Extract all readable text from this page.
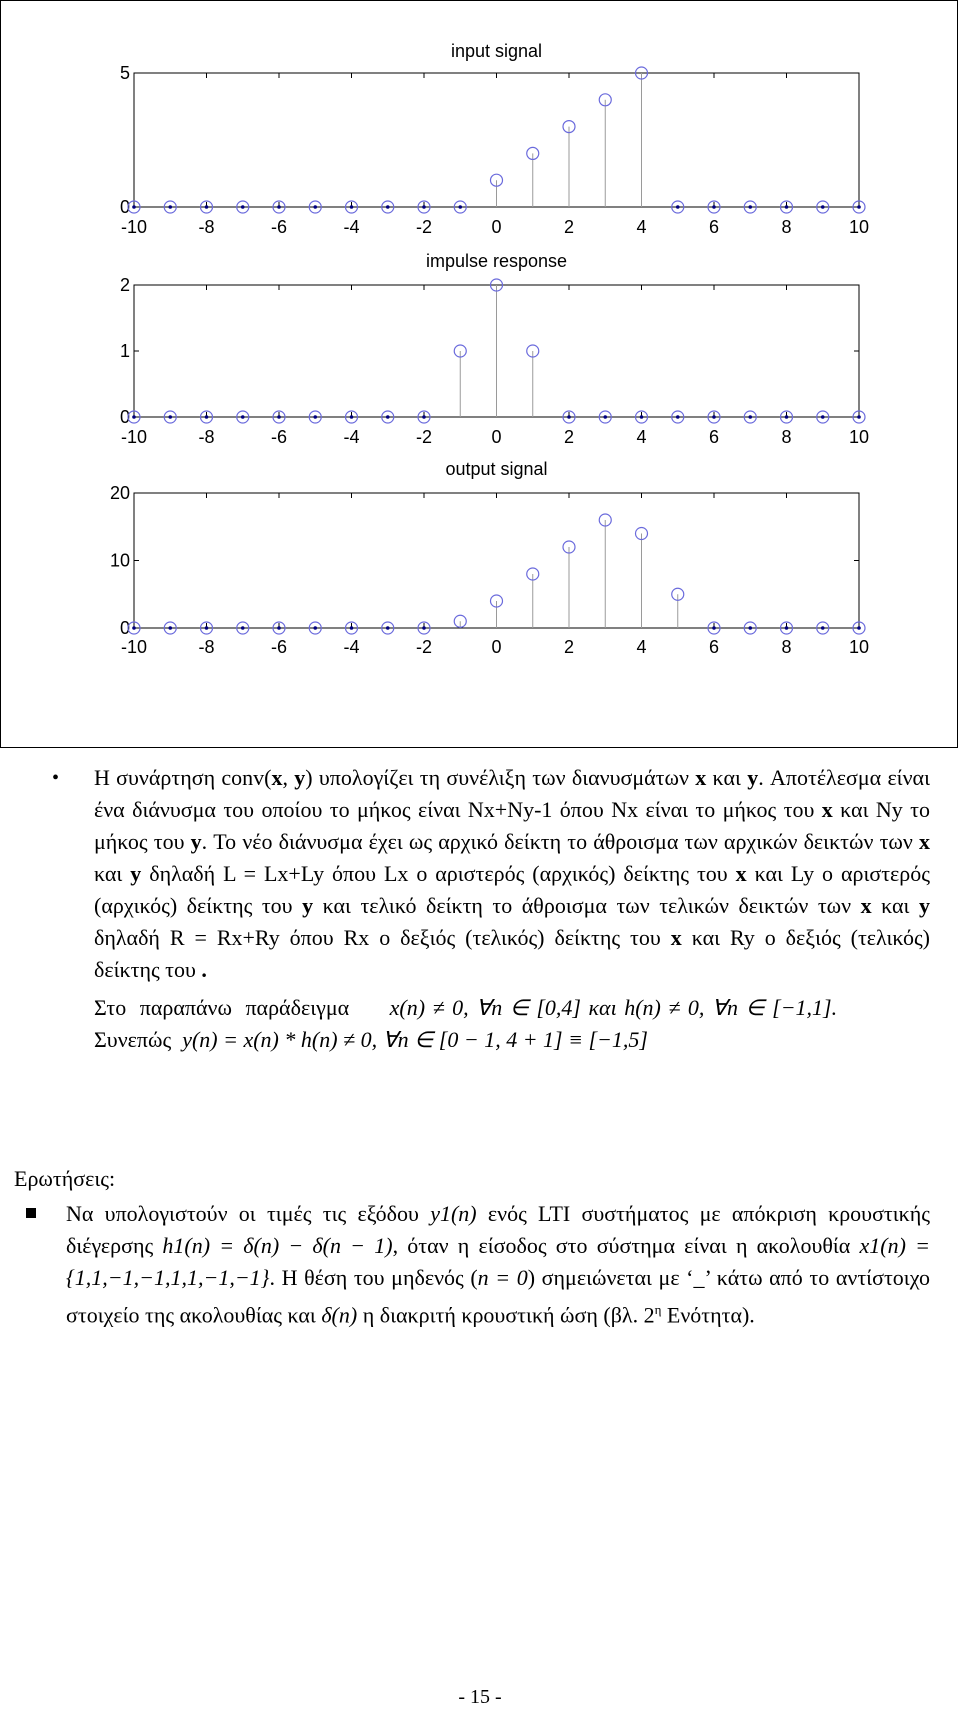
input signal
-10	-8	-6	-4	-2	0	2	4	6	8	10
0
5
impulse response
-10	-8	-6	-4	-2	0	2	4	6	8	10
0
1
2
output signal
-10	-8	-6	-4	-2	0	2	4	6	8	10
0
10
20
• Η συνάρτηση conv(x, y) υπολογίζει τη συνέλιξη των διανυσμάτων x και y. Αποτέλεσμα είναι ένα διάνυσμα του οποίου το μήκος είναι Nx+Ny-1 όπου Nx είναι το μήκος του x και Ny το μήκος του y. Το νέο διάνυσμα έχει ως αρχικό δείκτη το άθροισμα των αρχικών δεικτών των x και y δηλαδή L = Lx+Ly όπου Lx ο αριστερός (αρχικός) δείκτης του x και Ly ο αριστερός (αρχικός) δείκτης του y και τελικό δείκτη το άθροισμα των τελικών δεικτών των x και y δηλαδή R = Rx+Ry όπου Rx ο δεξιός (τελικός) δείκτης του x και Ry ο δεξιός (τελικός) δείκτης του .

Στο παραπάνω παράδειγμα x(n) ≠ 0, ∀n ∈ [0,4] και h(n) ≠ 0, ∀n ∈ [−1,1].

Συνεπώς y(n) = x(n) * h(n) ≠ 0, ∀n ∈ [0 − 1, 4 + 1] ≡ [−1,5]

Ερωτήσεις:
Να υπολογιστούν οι τιμές τις εξόδου y1(n) ενός LTI συστήματος με απόκριση κρουστικής διέγερσης h1(n) = δ(n) − δ(n − 1), όταν η είσοδος στο σύστημα είναι η ακολουθία x1(n) = {1,1,−1,−1,1,1,−1,−1}. Η θέση του μηδενός (n = 0) σημειώνεται με ‘_’ κάτω από το αντίστοιχο στοιχείο της ακολουθίας και δ(n) η διακριτή κρουστική ώση (βλ. $2^\eta$ Ενότητα).
- 15 -
